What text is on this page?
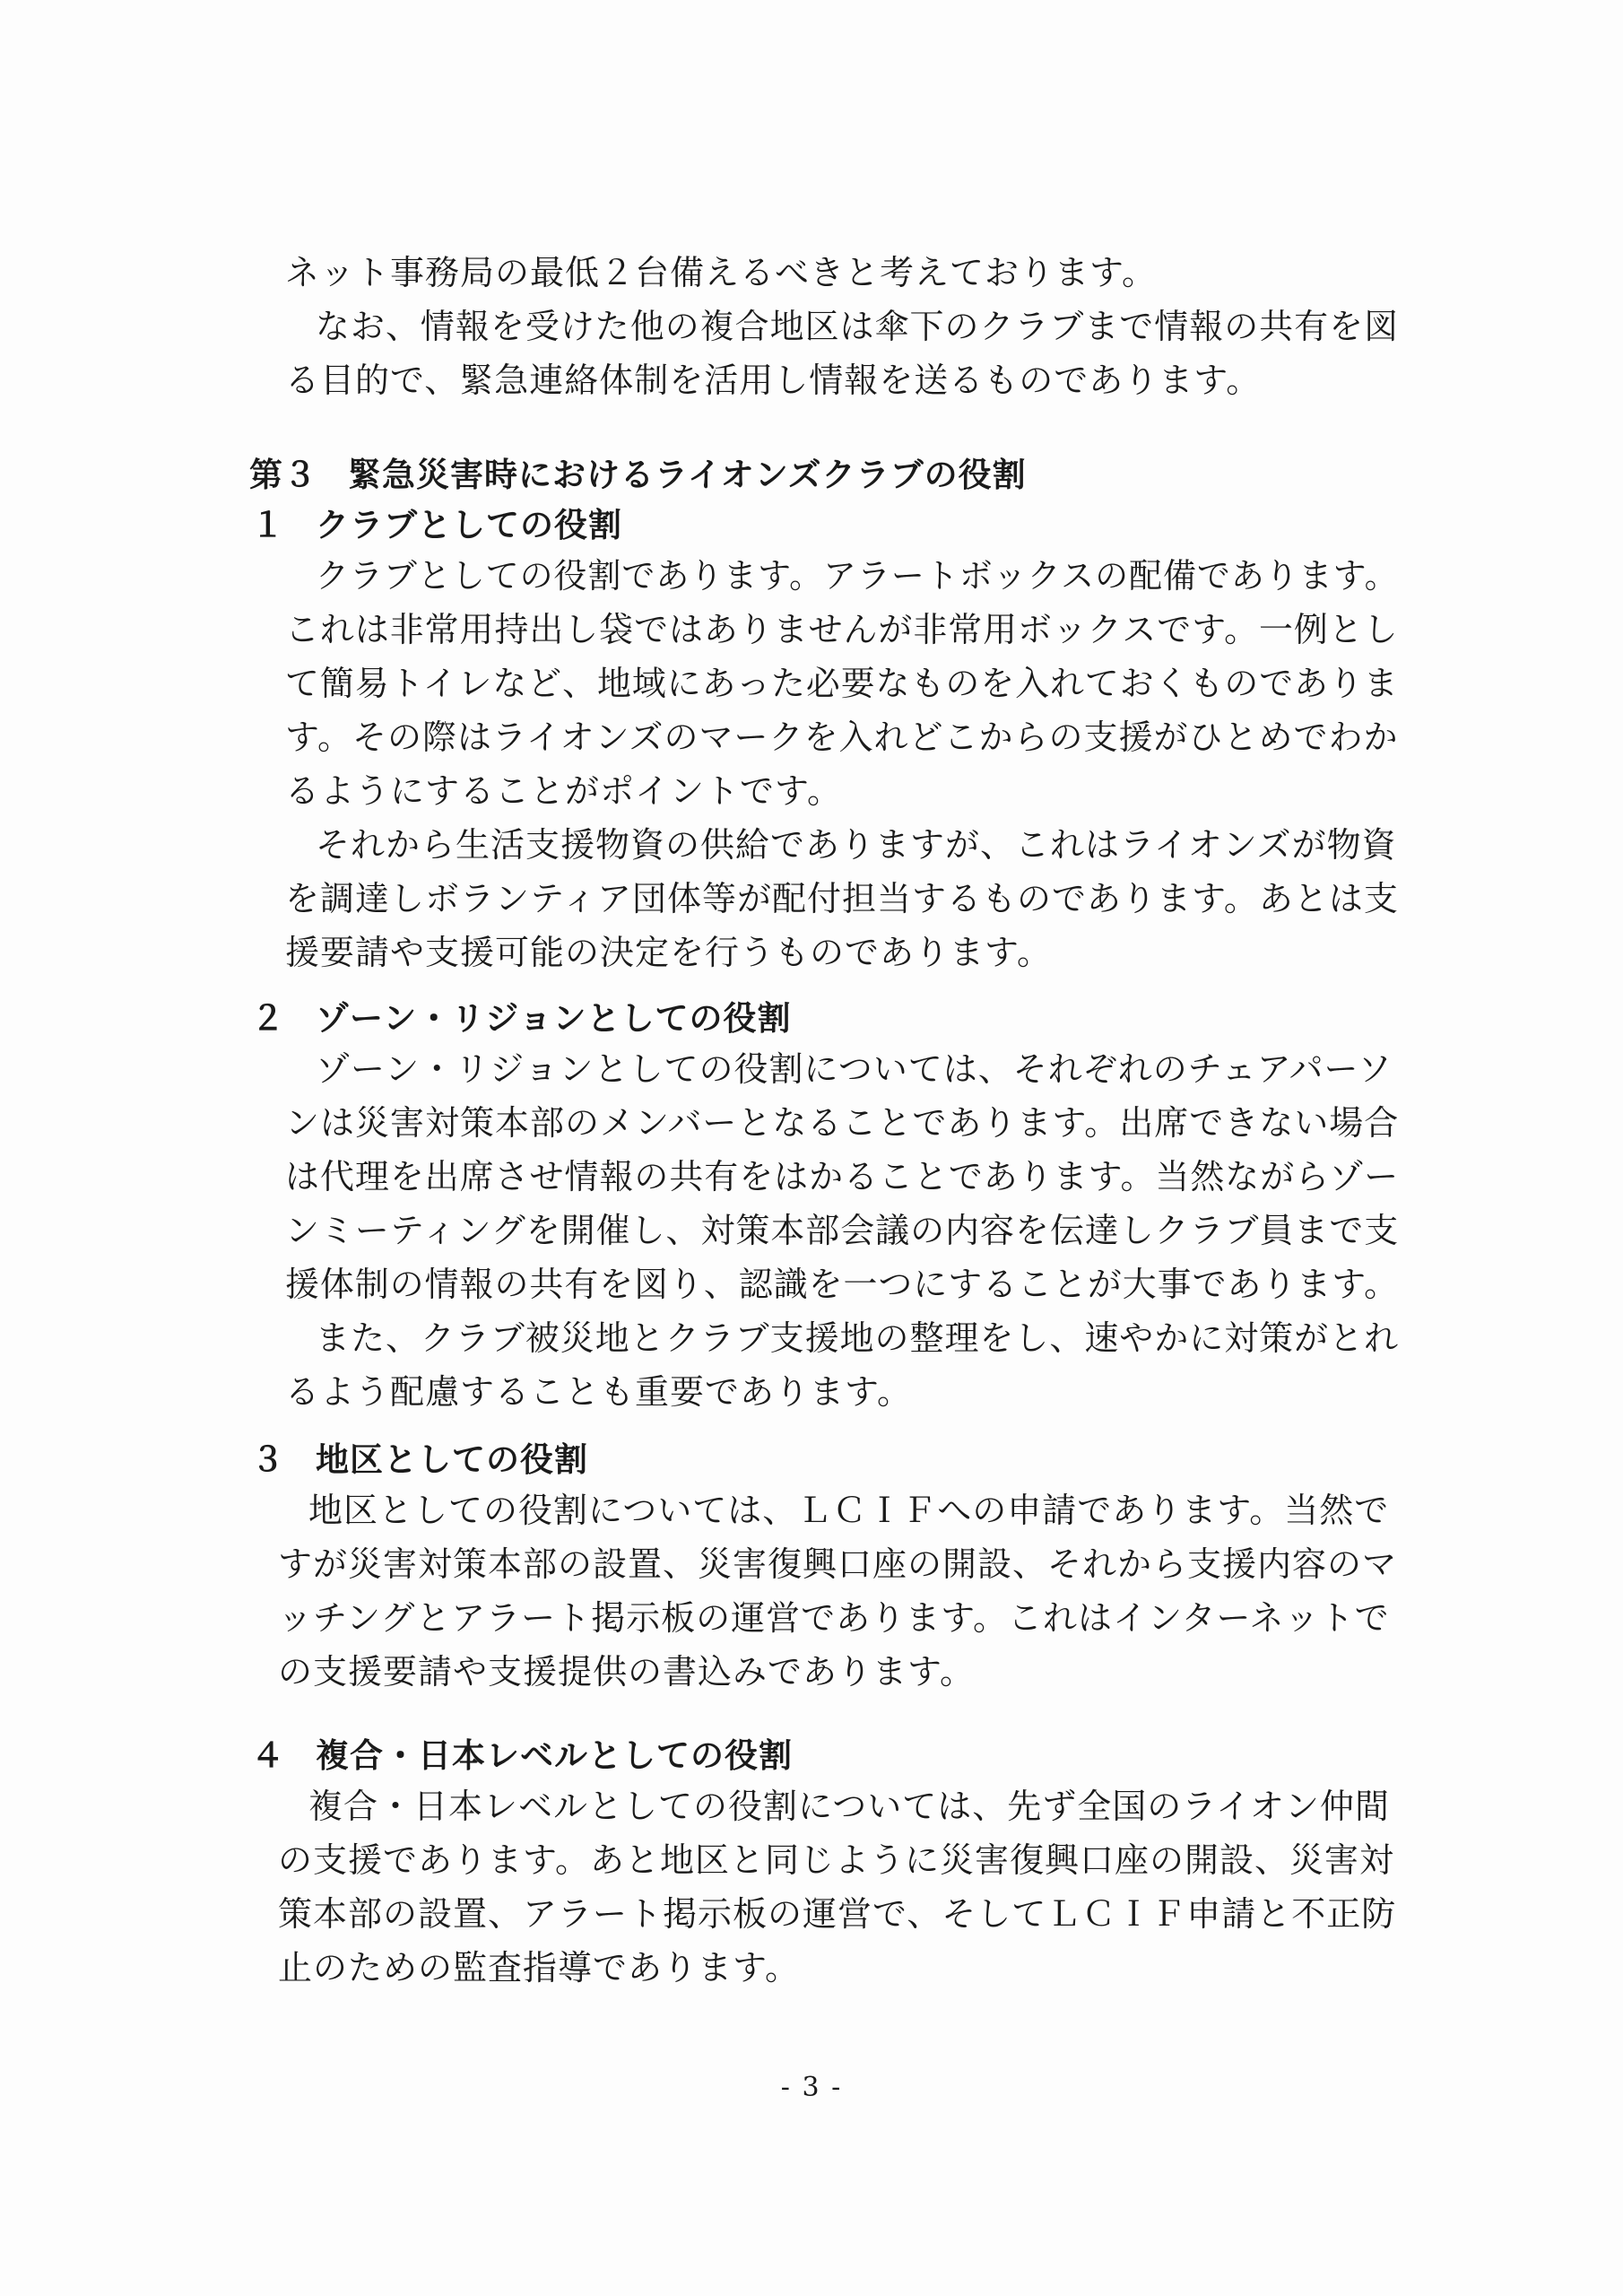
ネット事務局の最低２台備えるべきと考えております。
なお、情報を受けた他の複合地区は傘下のクラブまで情報の共有を図
る目的で、緊急連絡体制を活用し情報を送るものであります。
第３ 緊急災害時におけるライオンズクラブの役割
１ クラブとしての役割
クラブとしての役割であります。アラートボックスの配備であります。
これは非常用持出し袋ではありませんが非常用ボックスです。一例とし
て簡易トイレなど、地域にあった必要なものを入れておくものでありま
す。その際はライオンズのマークを入れどこからの支援がひとめでわか
るようにすることがポイントです。
それから生活支援物資の供給でありますが、これはライオンズが物資
を調達しボランティア団体等が配付担当するものであります。あとは支
援要請や支援可能の決定を行うものであります。
２ ゾーン・リジョンとしての役割
ゾーン・リジョンとしての役割については、それぞれのチェアパーソ
ンは災害対策本部のメンバーとなることであります。出席できない場合
は代理を出席させ情報の共有をはかることであります。当然ながらゾー
ンミーティングを開催し、対策本部会議の内容を伝達しクラブ員まで支
援体制の情報の共有を図り、認識を一つにすることが大事であります。
また、クラブ被災地とクラブ支援地の整理をし、速やかに対策がとれ
るよう配慮することも重要であります。
３ 地区としての役割
地区としての役割については、ＬＣＩＦへの申請であります。当然で
すが災害対策本部の設置、災害復興口座の開設、それから支援内容のマ
ッチングとアラート掲示板の運営であります。これはインターネットで
の支援要請や支援提供の書込みであります。
４ 複合・日本レベルとしての役割
複合・日本レベルとしての役割については、先ず全国のライオン仲間
の支援であります。あと地区と同じように災害復興口座の開設、災害対
策本部の設置、アラート掲示板の運営で、そしてＬＣＩＦ申請と不正防
止のための監査指導であります。
- 3 -
